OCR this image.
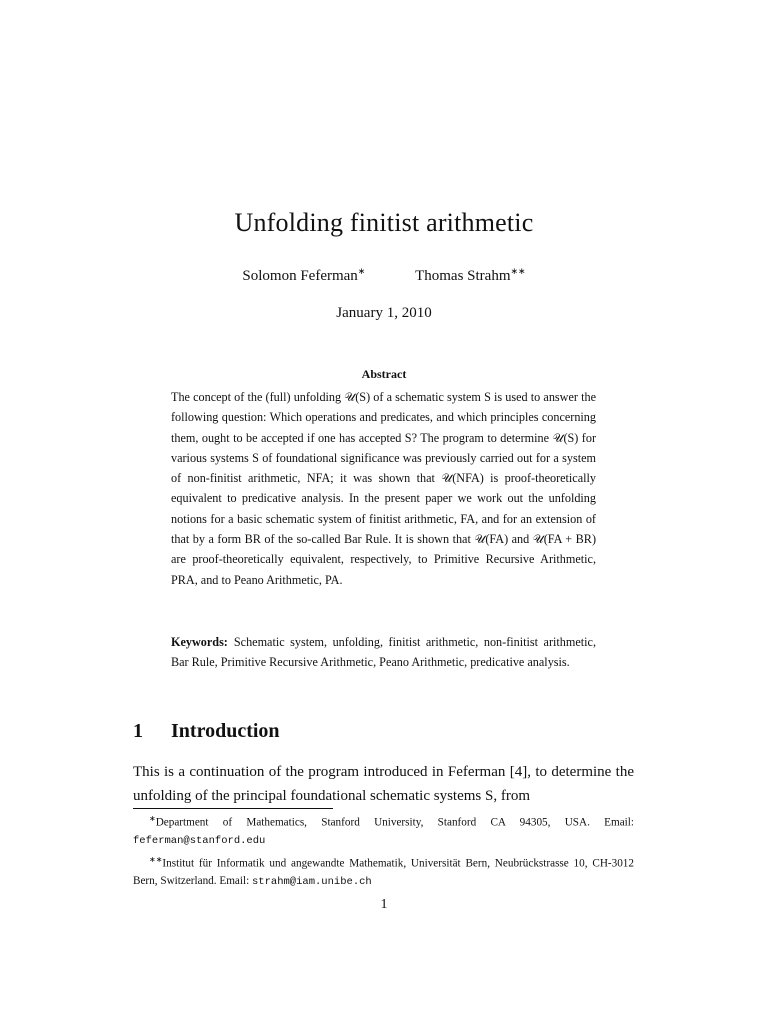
Unfolding finitist arithmetic
Solomon Feferman∗	Thomas Strahm∗∗
January 1, 2010
Abstract

The concept of the (full) unfolding 𝒰(S) of a schematic system S is used to answer the following question: Which operations and predicates, and which principles concerning them, ought to be accepted if one has accepted S? The program to determine 𝒰(S) for various systems S of foundational significance was previously carried out for a system of non-finitist arithmetic, NFA; it was shown that 𝒰(NFA) is proof-theoretically equivalent to predicative analysis. In the present paper we work out the unfolding notions for a basic schematic system of finitist arithmetic, FA, and for an extension of that by a form BR of the so-called Bar Rule. It is shown that 𝒰(FA) and 𝒰(FA + BR) are proof-theoretically equivalent, respectively, to Primitive Recursive Arithmetic, PRA, and to Peano Arithmetic, PA.

Keywords: Schematic system, unfolding, finitist arithmetic, non-finitist arithmetic, Bar Rule, Primitive Recursive Arithmetic, Peano Arithmetic, predicative analysis.
1 Introduction
This is a continuation of the program introduced in Feferman [4], to determine the unfolding of the principal foundational schematic systems S, from

∗Department of Mathematics, Stanford University, Stanford CA 94305, USA. Email: feferman@stanford.edu

∗∗Institut für Informatik und angewandte Mathematik, Universität Bern, Neubrückstrasse 10, CH-3012 Bern, Switzerland. Email: strahm@iam.unibe.ch

1
